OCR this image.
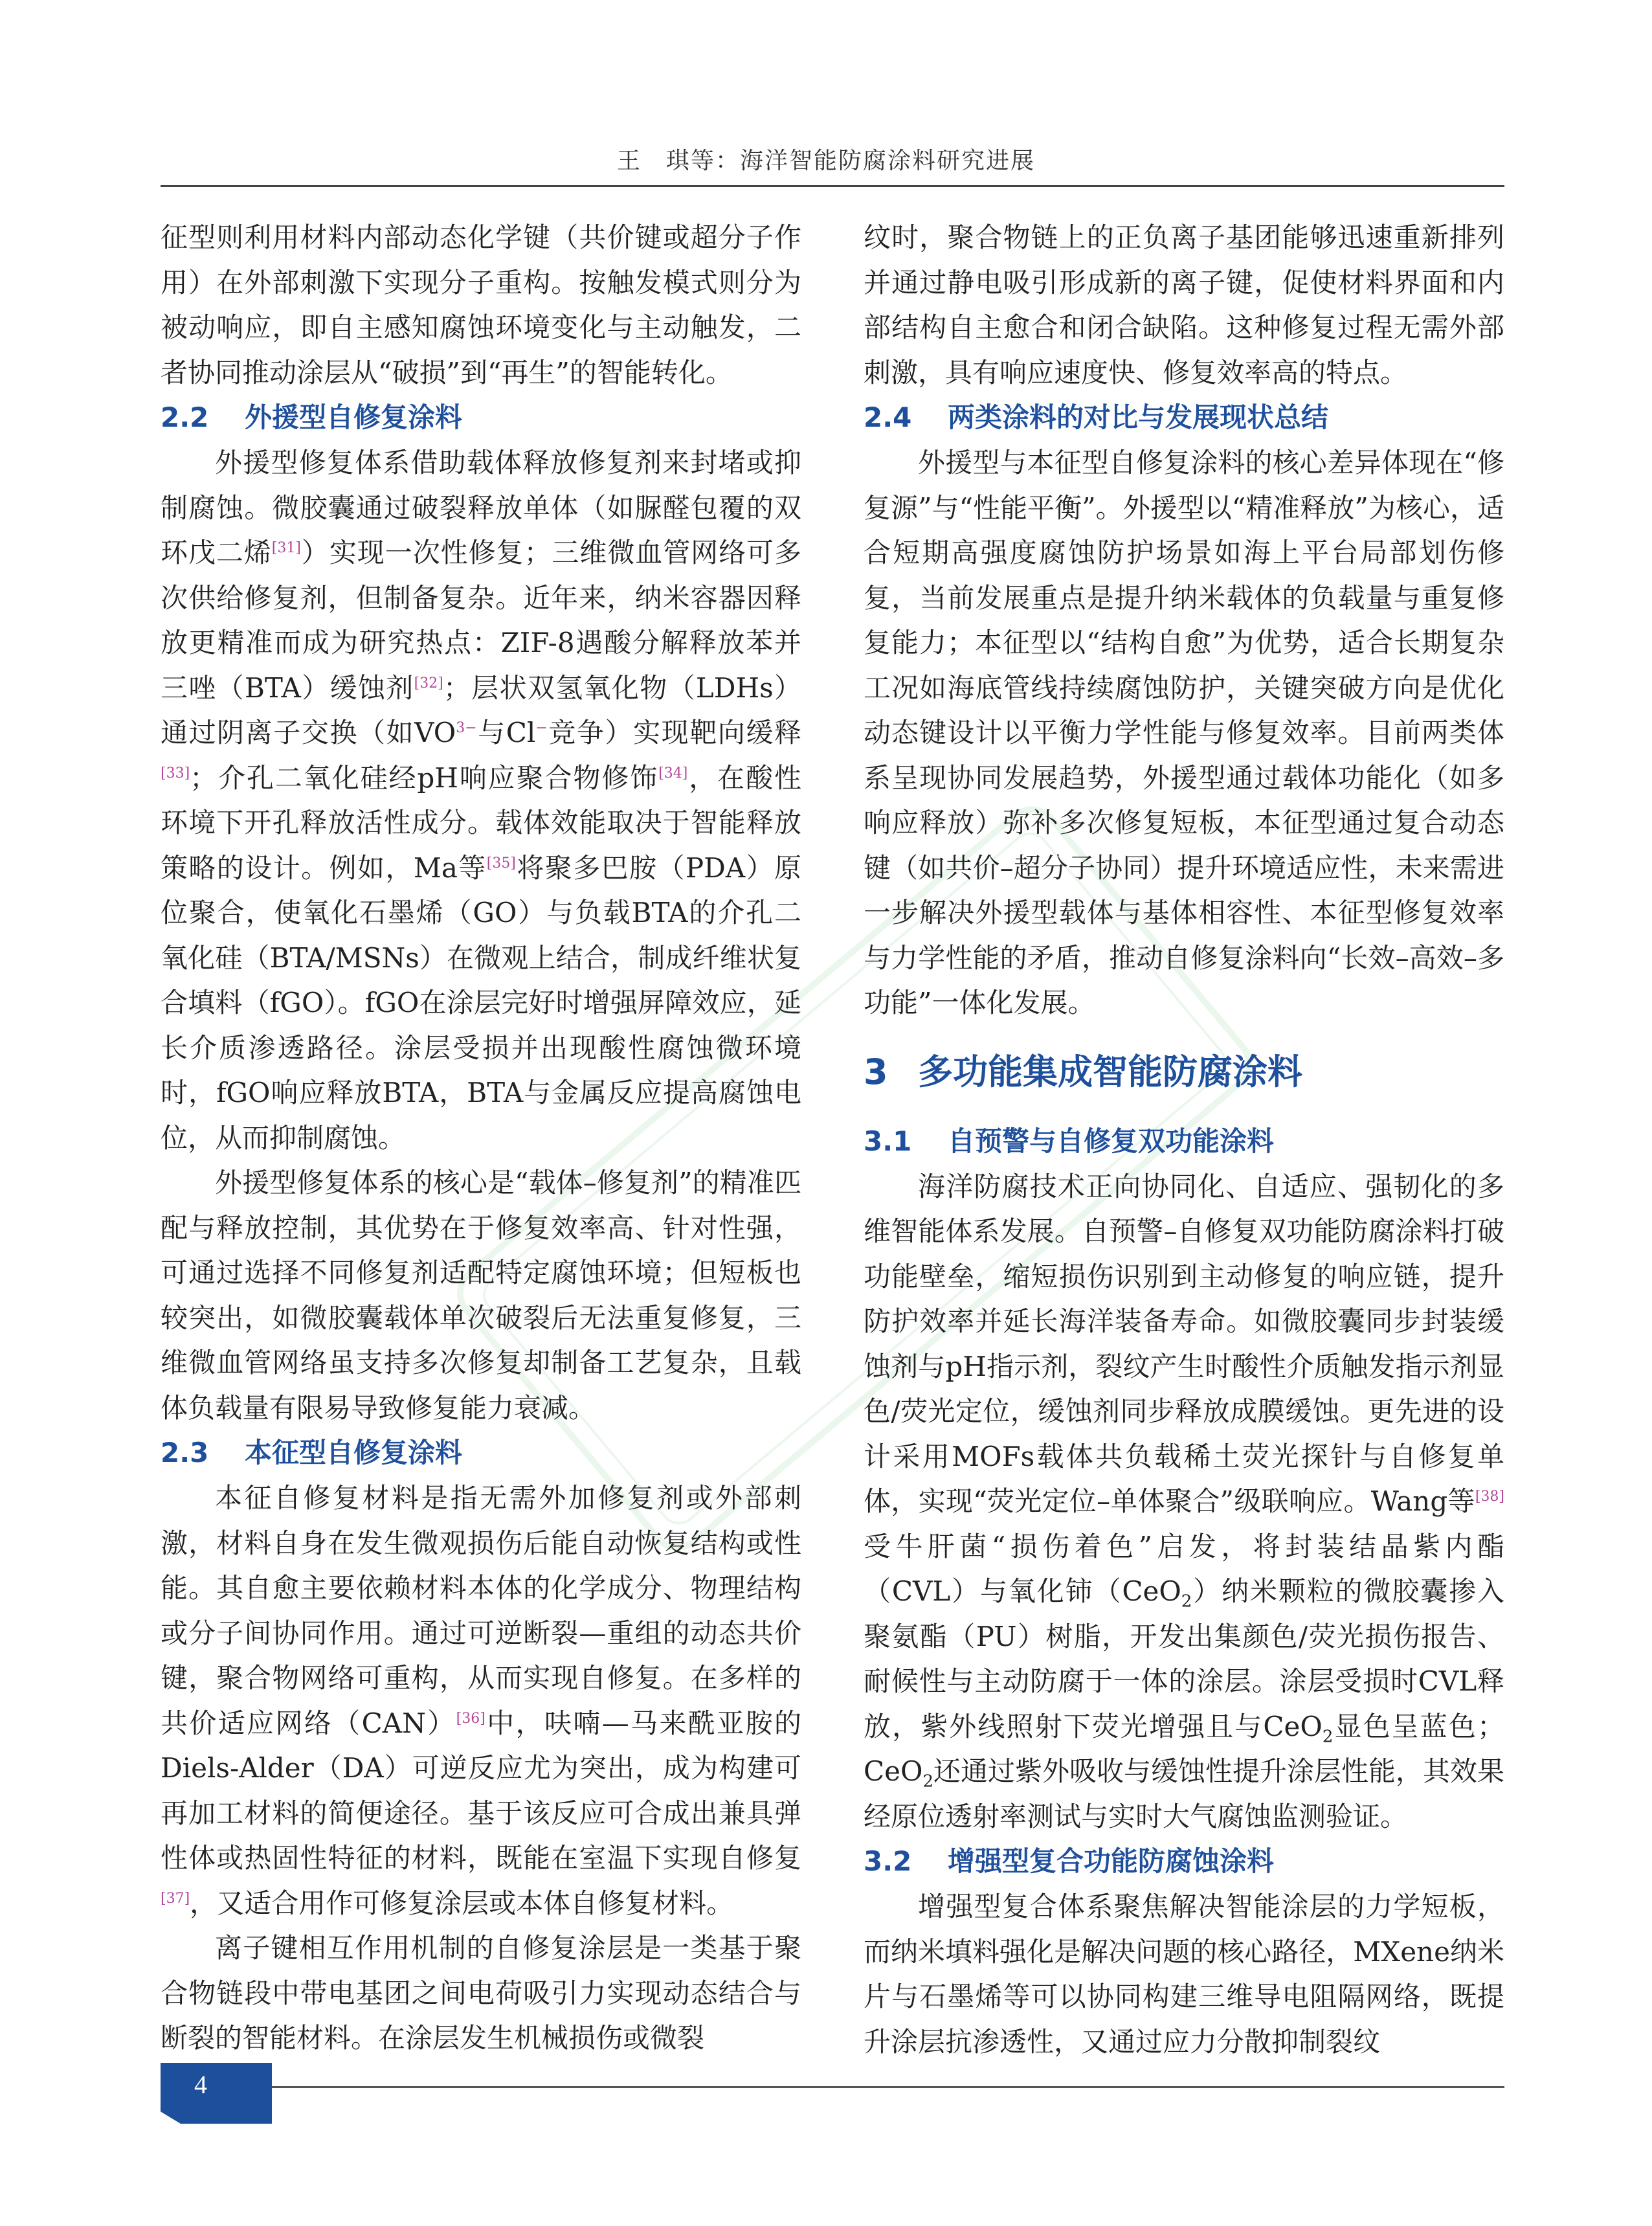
王　琪等：海洋智能防腐涂料研究进展

征型则利用材料内部动态化学键（共价键或超分子作用）在外部刺激下实现分子重构。按触发模式则分为被动响应，即自主感知腐蚀环境变化与主动触发，二者协同推动涂层从“破损”到“再生”的智能转化。

2.2 外援型自修复涂料

外援型修复体系借助载体释放修复剂来封堵或抑制腐蚀。微胶囊通过破裂释放单体（如脲醛包覆的双环戊二烯[31]）实现一次性修复；三维微血管网络可多次供给修复剂，但制备复杂。近年来，纳米容器因释放更精准而成为研究热点：ZIF-8遇酸分解释放苯并三唑（BTA）缓蚀剂[32]；层状双氢氧化物（LDHs）通过阴离子交换（如$VO^{3-}$与Cl−竞争）实现靶向缓释[33]；介孔二氧化硅经pH响应聚合物修饰[34]，在酸性环境下开孔释放活性成分。载体效能取决于智能释放策略的设计。例如，Ma等[35]将聚多巴胺（PDA）原位聚合，使氧化石墨烯（GO）与负载BTA的介孔二氧化硅（BTA/MSNs）在微观上结合，制成纤维状复合填料（fGO）。fGO在涂层完好时增强屏障效应，延长介质渗透路径。涂层受损并出现酸性腐蚀微环境时，fGO响应释放BTA，BTA与金属反应提高腐蚀电位，从而抑制腐蚀。

外援型修复体系的核心是“载体–修复剂”的精准匹配与释放控制，其优势在于修复效率高、针对性强，可通过选择不同修复剂适配特定腐蚀环境；但短板也较突出，如微胶囊载体单次破裂后无法重复修复，三维微血管网络虽支持多次修复却制备工艺复杂，且载体负载量有限易导致修复能力衰减。

2.3 本征型自修复涂料

本征自修复材料是指无需外加修复剂或外部刺激，材料自身在发生微观损伤后能自动恢复结构或性能。其自愈主要依赖材料本体的化学成分、物理结构或分子间协同作用。通过可逆断裂—重组的动态共价键，聚合物网络可重构，从而实现自修复。在多样的共价适应网络（CAN）[36]中，呋喃—马来酰亚胺的Diels-Alder（DA）可逆反应尤为突出，成为构建可再加工材料的简便途径。基于该反应可合成出兼具弹性体或热固性特征的材料，既能在室温下实现自修复[37]，又适合用作可修复涂层或本体自修复材料。

离子键相互作用机制的自修复涂层是一类基于聚合物链段中带电基团之间电荷吸引力实现动态结合与断裂的智能材料。在涂层发生机械损伤或微裂

纹时，聚合物链上的正负离子基团能够迅速重新排列并通过静电吸引形成新的离子键，促使材料界面和内部结构自主愈合和闭合缺陷。这种修复过程无需外部刺激，具有响应速度快、修复效率高的特点。

2.4 两类涂料的对比与发展现状总结

外援型与本征型自修复涂料的核心差异体现在“修复源”与“性能平衡”。外援型以“精准释放”为核心，适合短期高强度腐蚀防护场景如海上平台局部划伤修复，当前发展重点是提升纳米载体的负载量与重复修复能力；本征型以“结构自愈”为优势，适合长期复杂工况如海底管线持续腐蚀防护，关键突破方向是优化动态键设计以平衡力学性能与修复效率。目前两类体系呈现协同发展趋势，外援型通过载体功能化（如多响应释放）弥补多次修复短板，本征型通过复合动态键（如共价–超分子协同）提升环境适应性，未来需进一步解决外援型载体与基体相容性、本征型修复效率与力学性能的矛盾，推动自修复涂料向“长效–高效–多功能”一体化发展。

3 多功能集成智能防腐涂料
3.1 自预警与自修复双功能涂料

海洋防腐技术正向协同化、自适应、强韧化的多维智能体系发展。自预警–自修复双功能防腐涂料打破功能壁垒，缩短损伤识别到主动修复的响应链，提升防护效率并延长海洋装备寿命。如微胶囊同步封装缓蚀剂与pH指示剂，裂纹产生时酸性介质触发指示剂显色/荧光定位，缓蚀剂同步释放成膜缓蚀。更先进的设计采用MOFs载体共负载稀土荧光探针与自修复单体，实现“荧光定位–单体聚合”级联响应。Wang等[38]受牛肝菌“损伤着色”启发，将封装结晶紫内酯（CVL）与氧化铈（CeO$_2$）纳米颗粒的微胶囊掺入聚氨酯（PU）树脂，开发出集颜色/荧光损伤报告、耐候性与主动防腐于一体的涂层。涂层受损时CVL释放，紫外线照射下荧光增强且与CeO$_2$显色呈蓝色；CeO$_2$还通过紫外吸收与缓蚀性提升涂层性能，其效果经原位透射率测试与实时大气腐蚀监测验证。

3.2 增强型复合功能防腐蚀涂料

增强型复合体系聚焦解决智能涂层的力学短板，而纳米填料强化是解决问题的核心路径，MXene纳米片与石墨烯等可以协同构建三维导电阻隔网络，既提升涂层抗渗透性，又通过应力分散抑制裂纹

4
